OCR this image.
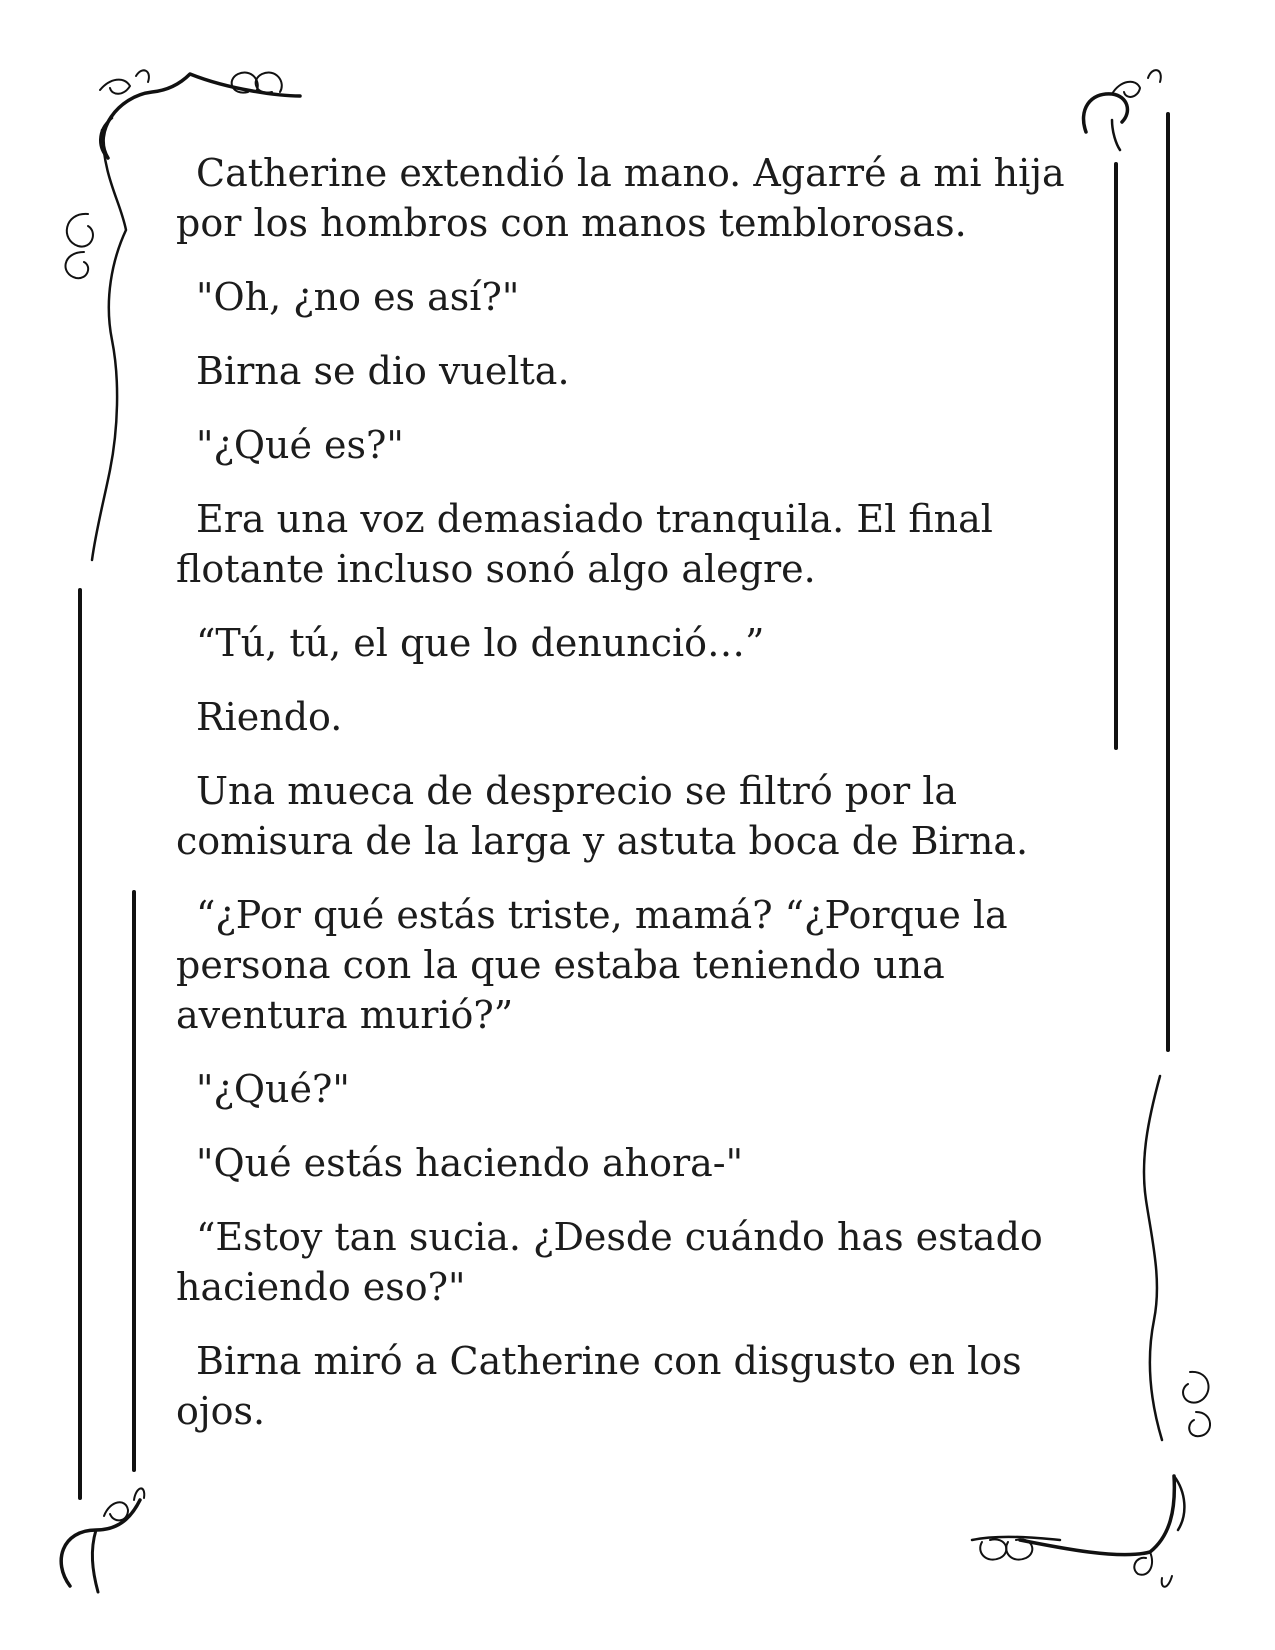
Catherine extendió la mano. Agarré a mi hija por los hombros con manos temblorosas.

"Oh, ¿no es así?"

Birna se dio vuelta.

"¿Qué es?"

Era una voz demasiado tranquila. El final flotante incluso sonó algo alegre.

“Tú, tú, el que lo denunció…”

Riendo.

Una mueca de desprecio se filtró por la comisura de la larga y astuta boca de Birna.

“¿Por qué estás triste, mamá? “¿Porque la persona con la que estaba teniendo una aventura murió?”

"¿Qué?"

"Qué estás haciendo ahora-"

“Estoy tan sucia. ¿Desde cuándo has estado haciendo eso?"

Birna miró a Catherine con disgusto en los ojos.
